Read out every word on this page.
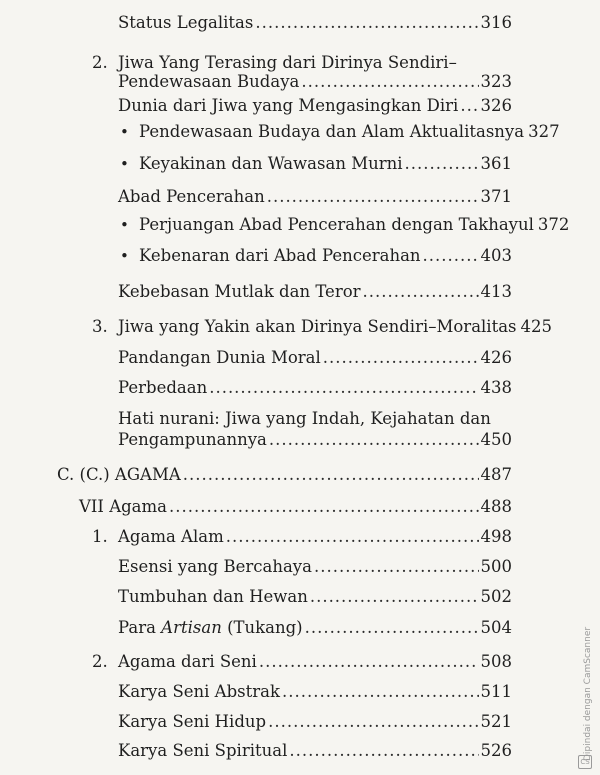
Status Legalitas .....	316
2. Jiwa Yang Terasing dari Dirinya Sendiri–
Pendewasaan Budaya .....	323
Dunia dari Jiwa yang Mengasingkan Diri ..... 326
• Pendewasaan Budaya dan Alam Aktualitasnya 327
• Keyakinan dan Wawasan Murni .....	361
Abad Pencerahan .....	371
• Perjuangan Abad Pencerahan dengan Takhayul 372
• Kebenaran dari Abad Pencerahan .....	403
Kebebasan Mutlak dan Teror .....	413
3. Jiwa yang Yakin akan Dirinya Sendiri–Moralitas 425
Pandangan Dunia Moral .....	426
Perbedaan .....	438
Hati nurani: Jiwa yang Indah, Kejahatan dan
Pengampunannya .....	450
C. (C.) AGAMA .....	487
VII Agama .....	488
1. Agama Alam .....	498
Esensi yang Bercahaya .....	500
Tumbuhan dan Hewan .....	502
Para Artisan (Tukang) .....	504
2. Agama dari Seni .....	508
Karya Seni Abstrak .....	511
Karya Seni Hidup .....	521
Karya Seni Spiritual .....	526	Dipindai dengan CamScanner
CS
